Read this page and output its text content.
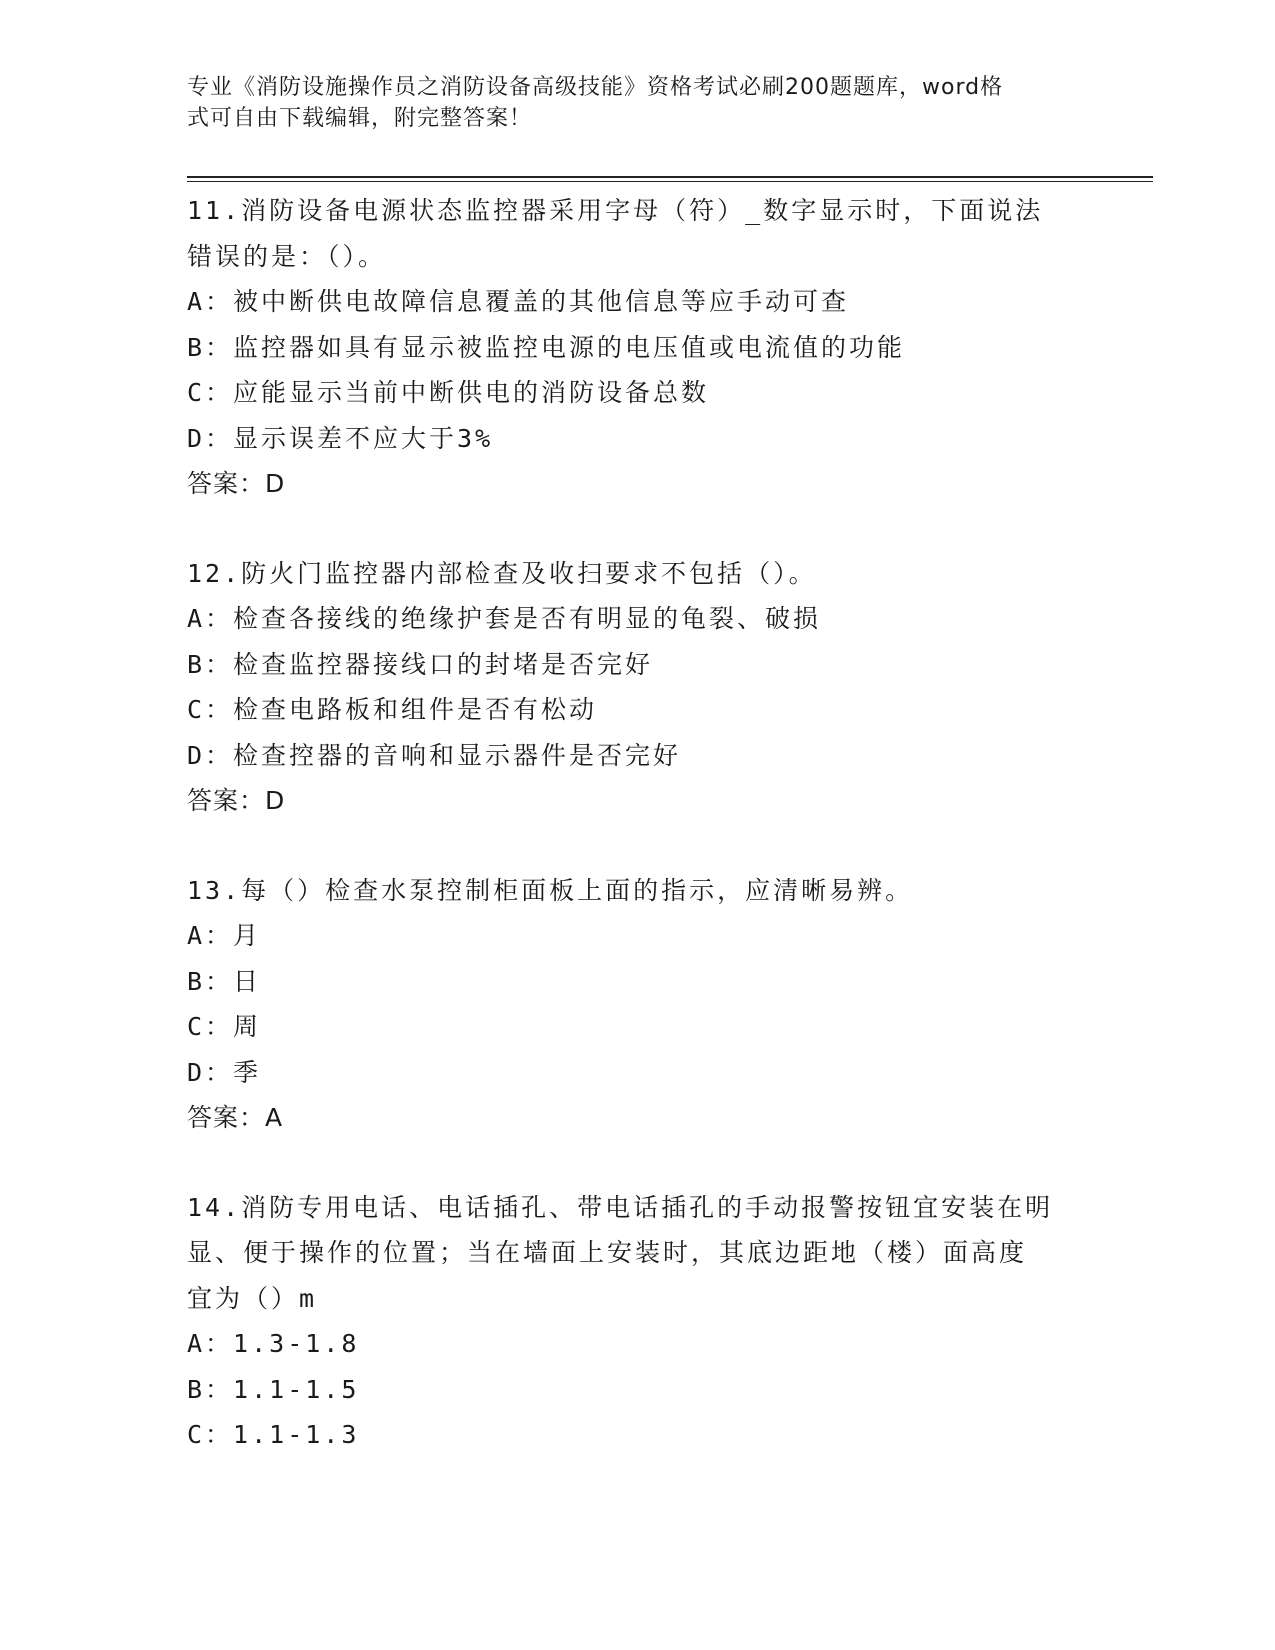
专业《消防设施操作员之消防设备高级技能》资格考试必刷200题题库，word格
式可自由下载编辑，附完整答案！
11.消防设备电源状态监控器采用字母（符）_数字显示时，下面说法
错误的是：（）。
A：被中断供电故障信息覆盖的其他信息等应手动可查
B：监控器如具有显示被监控电源的电压值或电流值的功能
C：应能显示当前中断供电的消防设备总数
D：显示误差不应大于3%
答案：D
12.防火门监控器内部检查及收扫要求不包括（）。
A：检查各接线的绝缘护套是否有明显的龟裂、破损
B：检查监控器接线口的封堵是否完好
C：检查电路板和组件是否有松动
D：检查控器的音响和显示器件是否完好
答案：D
13.每（）检查水泵控制柜面板上面的指示，应清晰易辨。
A：月
B：日
C：周
D：季
答案：A
14.消防专用电话、电话插孔、带电话插孔的手动报警按钮宜安装在明
显、便于操作的位置；当在墙面上安装时，其底边距地（楼）面高度
宜为（）m
A：1.3-1.8
B：1.1-1.5
C：1.1-1.3
